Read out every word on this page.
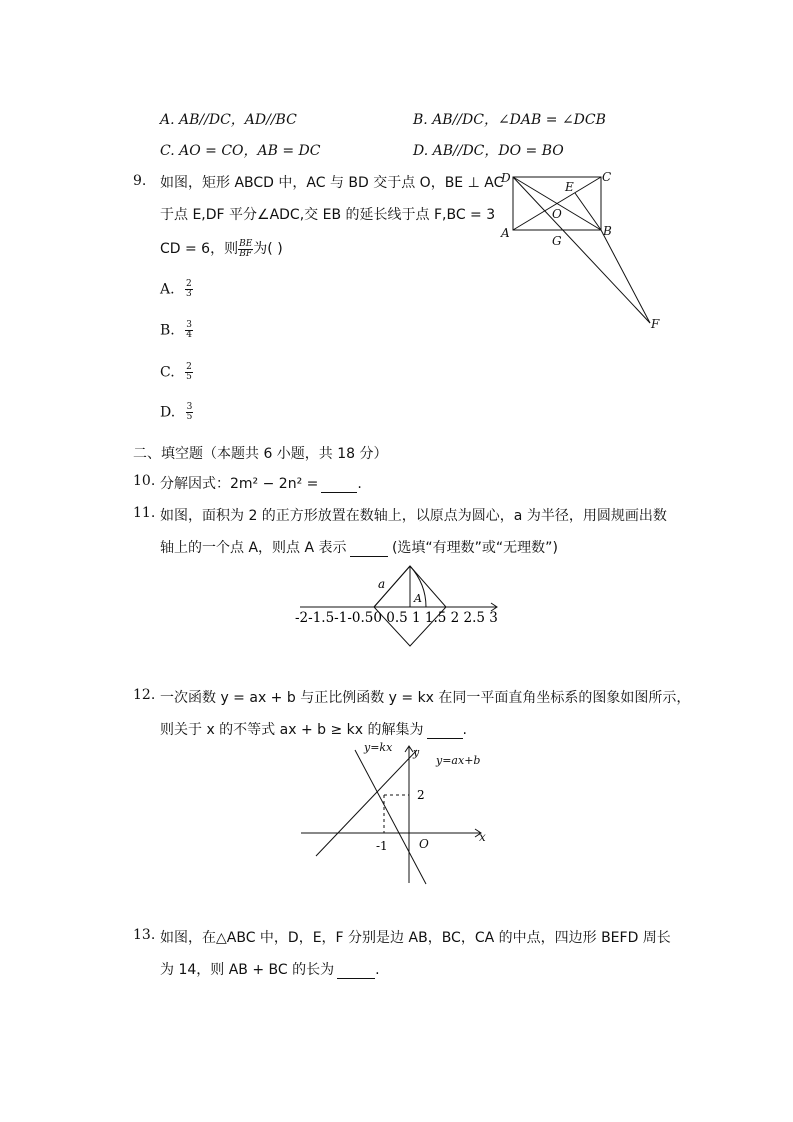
A. AB//DC，AD//BC	B. AB//DC，∠DAB = ∠DCB
C. AO = CO，AB = DC	D. AB//DC，DO = BO
9. 如图，矩形 ABCD 中，AC 与 BD 交于点 O，BE ⊥ AC
于点 E,DF 平分∠ADC,交 EB 的延长线于点 F,BC = 3
CD = 6，则 $\frac{BE}{BF}$ 为( )
A. $\frac{2}{3}$
B. $\frac{3}{4}$
C. $\frac{2}{5}$
D. $\frac{3}{5}$
D	C
E
O
A
G
B
F
二、填空题（本题共 6 小题，共 18 分）
10. 分解因式：2m² − 2n² =	.
11. 如图，面积为 2 的正方形放置在数轴上，以原点为圆心，a 为半径，用圆规画出数
轴上的一个点 A，则点 A 表示	(选填“有理数”或“无理数”)
a
A
-2-1.5-1-0.50 0.5 1 1.5 2 2.5 3
12. 一次函数 y = ax + b 与正比例函数 y = kx 在同一平面直角坐标系的图象如图所示，
则关于 x 的不等式 ax + b ≥ kx 的解集为	.
y=kx y
y=ax+b
x
O
2
-1
13. 如图，在△ABC 中，D，E，F 分别是边 AB，BC，CA 的中点，四边形 BEFD 周长
为 14，则 AB + BC 的长为	.
